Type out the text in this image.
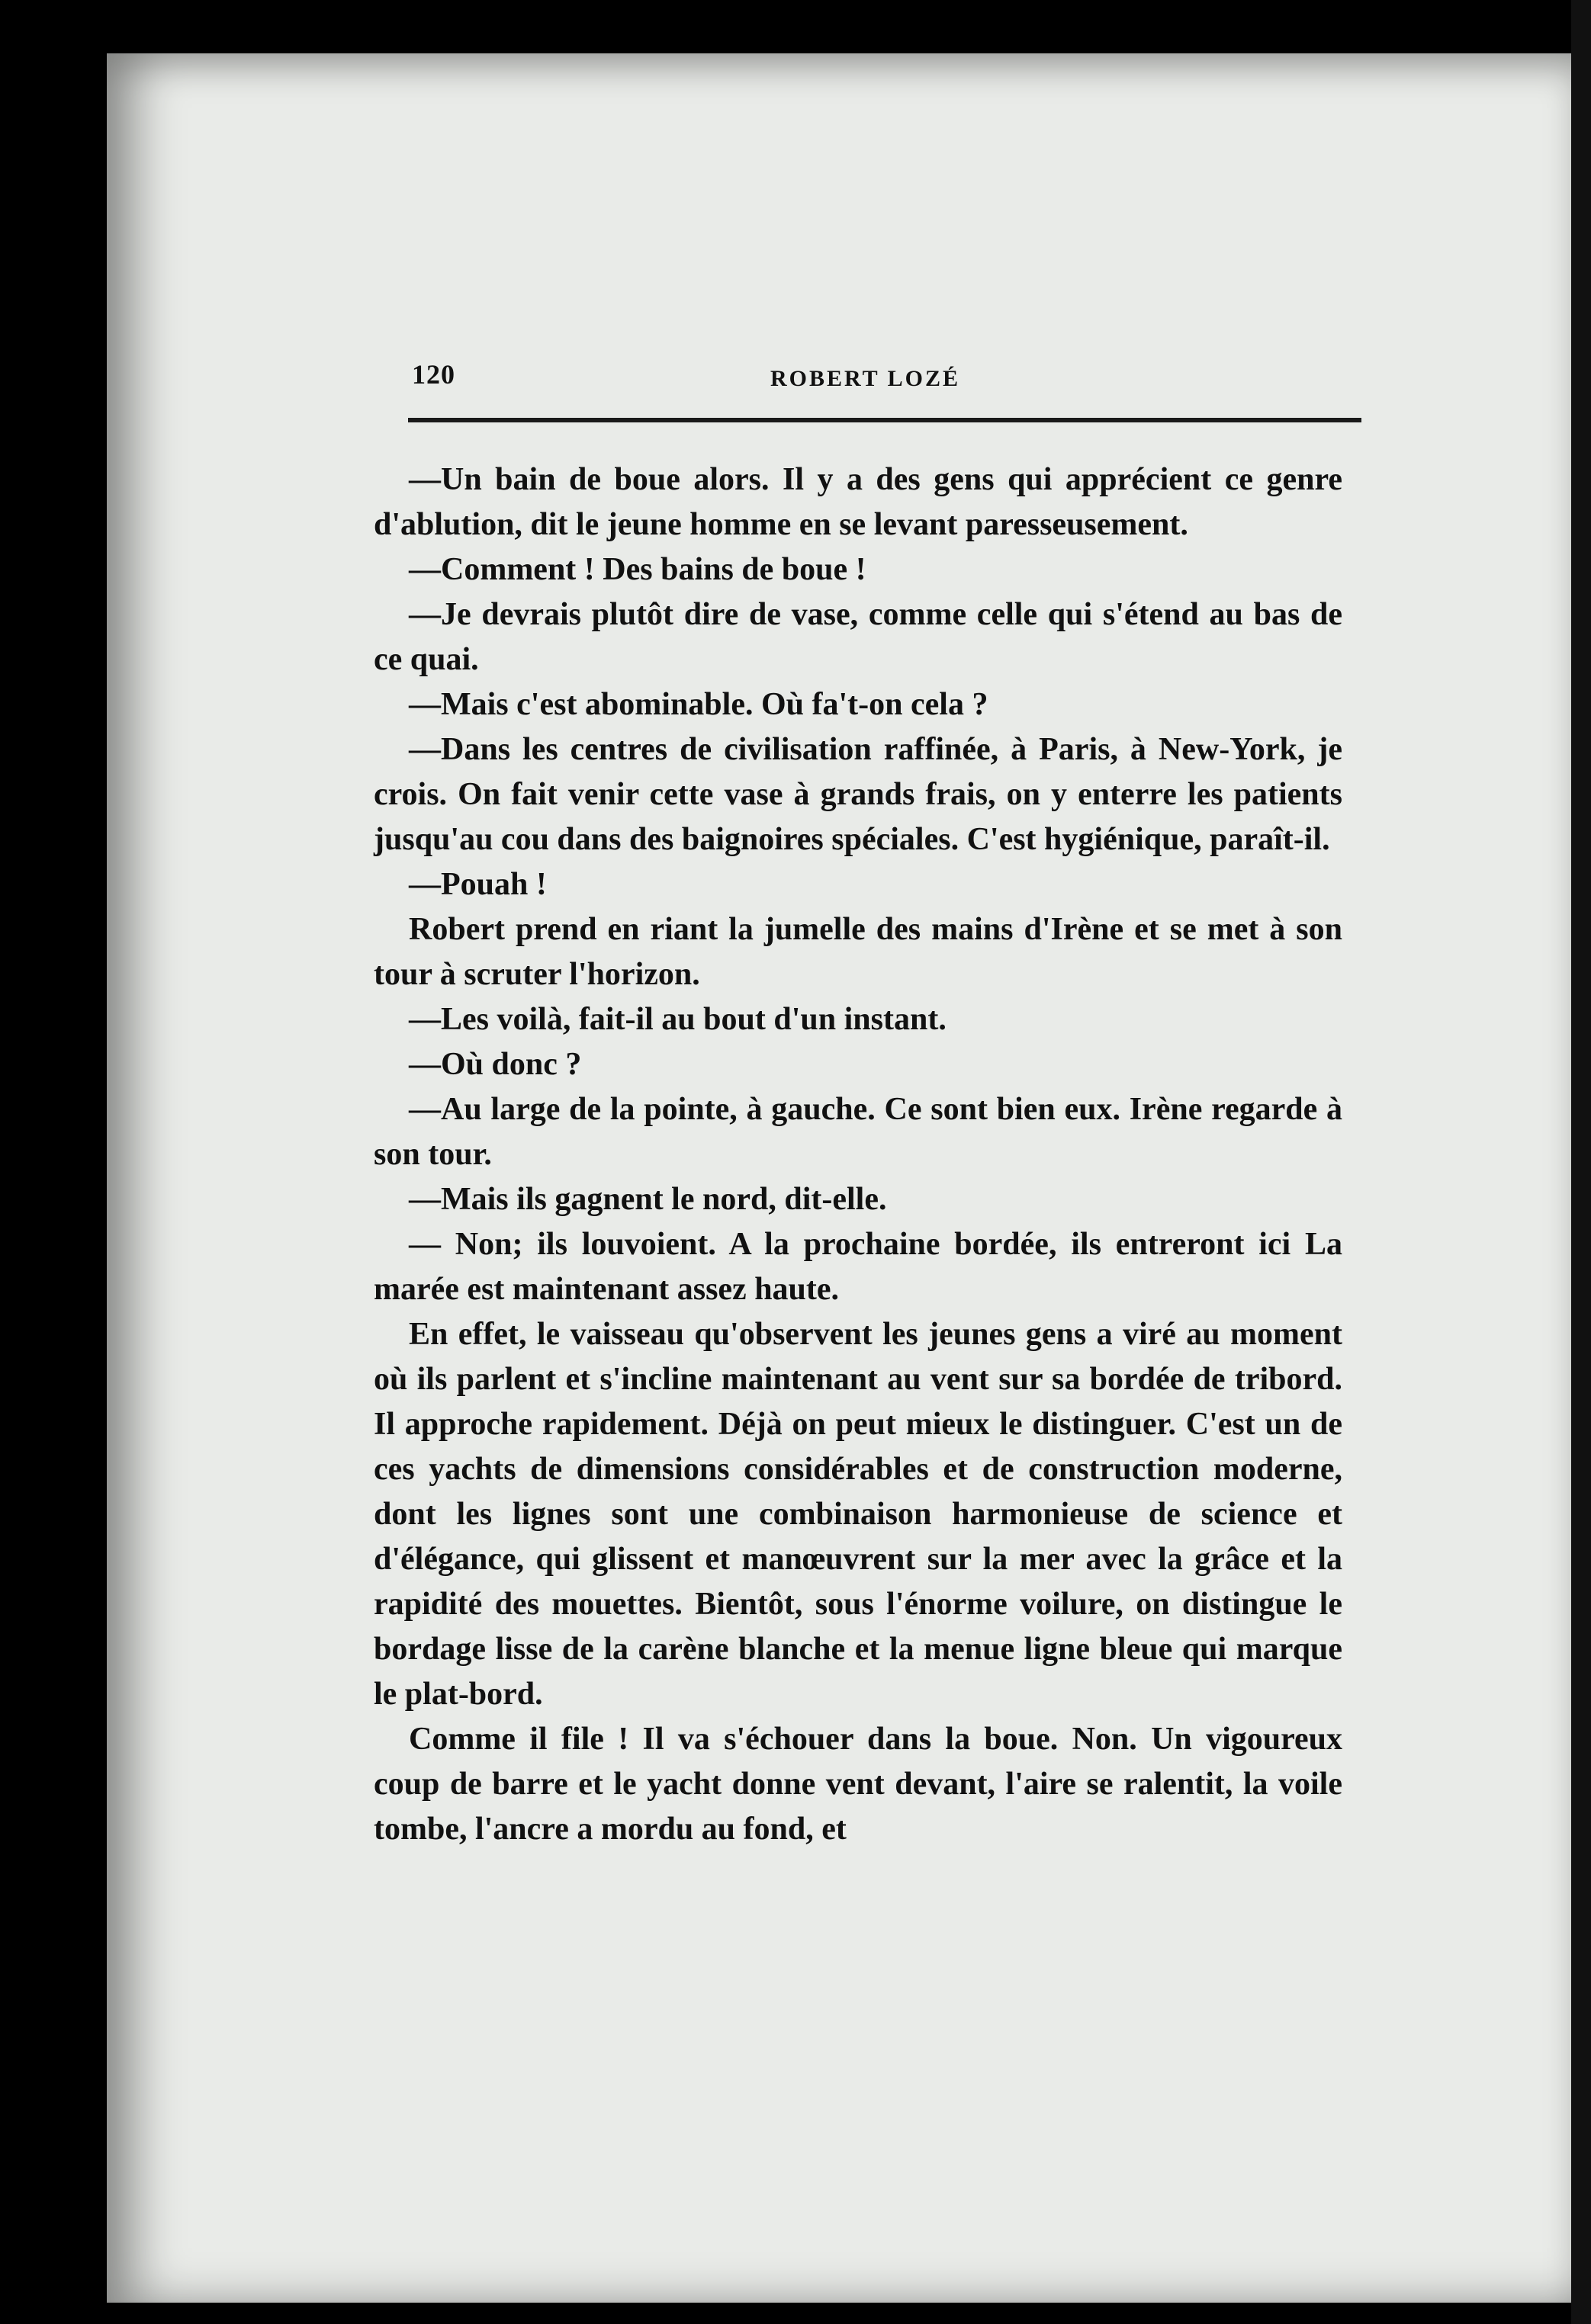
120	ROBERT LOZÉ

—Un bain de boue alors. Il y a des gens qui apprécient ce genre d'ablution, dit le jeune homme en se levant paresseusement.

—Comment ! Des bains de boue !

—Je devrais plutôt dire de vase, comme celle qui s'étend au bas de ce quai.

—Mais c'est abominable. Où fa't-on cela ?

—Dans les centres de civilisation raffinée, à Paris, à New-York, je crois. On fait venir cette vase à grands frais, on y enterre les patients jusqu'au cou dans des baignoires spéciales. C'est hygiénique, paraît-il.

—Pouah !

Robert prend en riant la jumelle des mains d'Irène et se met à son tour à scruter l'horizon.

—Les voilà, fait-il au bout d'un instant.

—Où donc ?

—Au large de la pointe, à gauche. Ce sont bien eux. Irène regarde à son tour.

—Mais ils gagnent le nord, dit-elle.

— Non; ils louvoient. A la prochaine bordée, ils entreront ici La marée est maintenant assez haute.

En effet, le vaisseau qu'observent les jeunes gens a viré au moment où ils parlent et s'incline maintenant au vent sur sa bordée de tribord. Il approche rapidement. Déjà on peut mieux le distinguer. C'est un de ces yachts de dimensions considérables et de construction moderne, dont les lignes sont une combinaison harmonieuse de science et d'élégance, qui glissent et manœuvrent sur la mer avec la grâce et la rapidité des mouettes. Bientôt, sous l'énorme voilure, on distingue le bordage lisse de la carène blanche et la menue ligne bleue qui marque le plat-bord.

Comme il file ! Il va s'échouer dans la boue. Non. Un vigoureux coup de barre et le yacht donne vent devant, l'aire se ralentit, la voile tombe, l'ancre a mordu au fond, et
